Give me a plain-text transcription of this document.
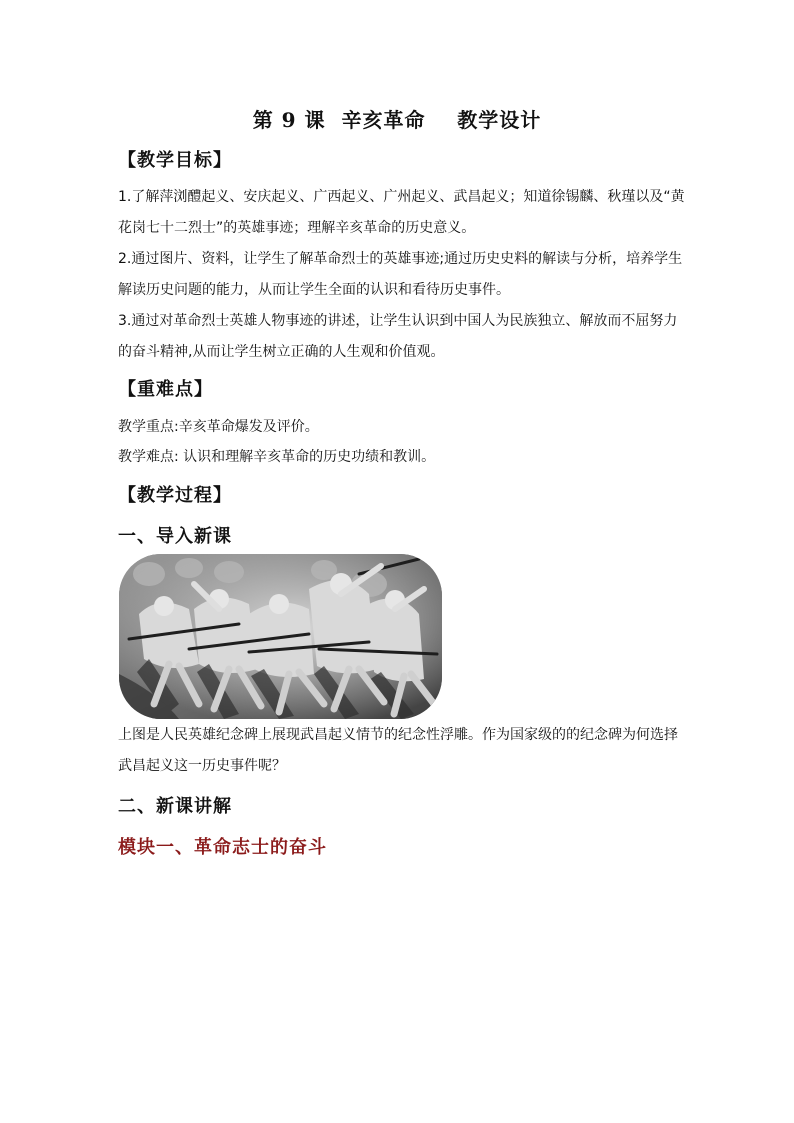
第 9 课  辛亥革命    教学设计
【教学目标】
1.了解萍浏醴起义、安庆起义、广西起义、广州起义、武昌起义；知道徐锡麟、秋瑾以及“黄花岗七十二烈士”的英雄事迹；理解辛亥革命的历史意义。
2.通过图片、资料，让学生了解革命烈士的英雄事迹;通过历史史料的解读与分析，培养学生解读历史问题的能力，从而让学生全面的认识和看待历史事件。
3.通过对革命烈士英雄人物事迹的讲述，让学生认识到中国人为民族独立、解放而不屈努力的奋斗精神,从而让学生树立正确的人生观和价值观。
【重难点】
教学重点:辛亥革命爆发及评价。
教学难点: 认识和理解辛亥革命的历史功绩和教训。
【教学过程】
一、导入新课
上图是人民英雄纪念碑上展现武昌起义情节的纪念性浮雕。作为国家级的的纪念碑为何选择武昌起义这一历史事件呢？
二、新课讲解
模块一、革命志士的奋斗
